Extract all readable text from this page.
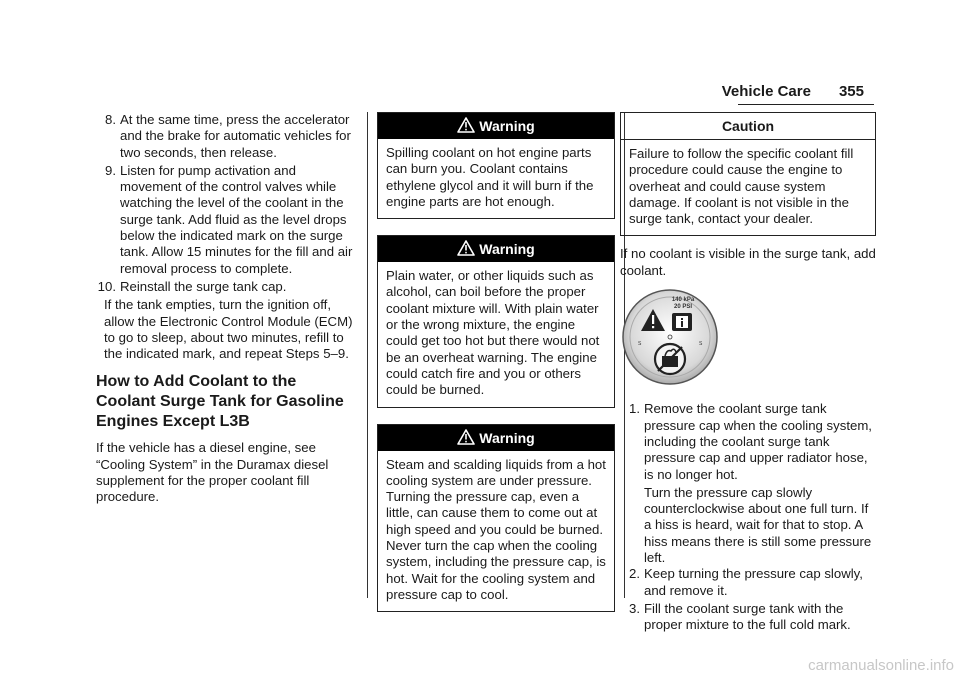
Vehicle Care 355
8. At the same time, press the accelerator and the brake for automatic vehicles for two seconds, then release.
9. Listen for pump activation and movement of the control valves while watching the level of the coolant in the surge tank. Add fluid as the level drops below the indicated mark on the surge tank. Allow 15 minutes for the fill and air removal process to complete.
10. Reinstall the surge tank cap.

If the tank empties, turn the ignition off, allow the Electronic Control Module (ECM) to go to sleep, about two minutes, refill to the indicated mark, and repeat Steps 5–9.

How to Add Coolant to the Coolant Surge Tank for Gasoline Engines Except L3B

If the vehicle has a diesel engine, see “Cooling System” in the Duramax diesel supplement for the proper coolant fill procedure.

Warning
Spilling coolant on hot engine parts can burn you. Coolant contains ethylene glycol and it will burn if the engine parts are hot enough.
Warning
Plain water, or other liquids such as alcohol, can boil before the proper coolant mixture will. With plain water or the wrong mixture, the engine could get too hot but there would not be an overheat warning. The engine could catch fire and you or others could be burned.
Warning
Steam and scalding liquids from a hot cooling system are under pressure. Turning the pressure cap, even a little, can cause them to come out at high speed and you could be burned. Never turn the cap when the cooling system, including the pressure cap, is hot. Wait for the cooling system and pressure cap to cool.
Caution
Failure to follow the specific coolant fill procedure could cause the engine to overheat and could cause system damage. If coolant is not visible in the surge tank, contact your dealer.

If no coolant is visible in the surge tank, add coolant.

140 kPa
20 PSI
S	S
1. Remove the coolant surge tank pressure cap when the cooling system, including the coolant surge tank pressure cap and upper radiator hose, is no longer hot.

Turn the pressure cap slowly counterclockwise about one full turn. If a hiss is heard, wait for that to stop. A hiss means there is still some pressure left.

2. Keep turning the pressure cap slowly, and remove it.
3. Fill the coolant surge tank with the proper mixture to the full cold mark.
carmanualsonline.info
